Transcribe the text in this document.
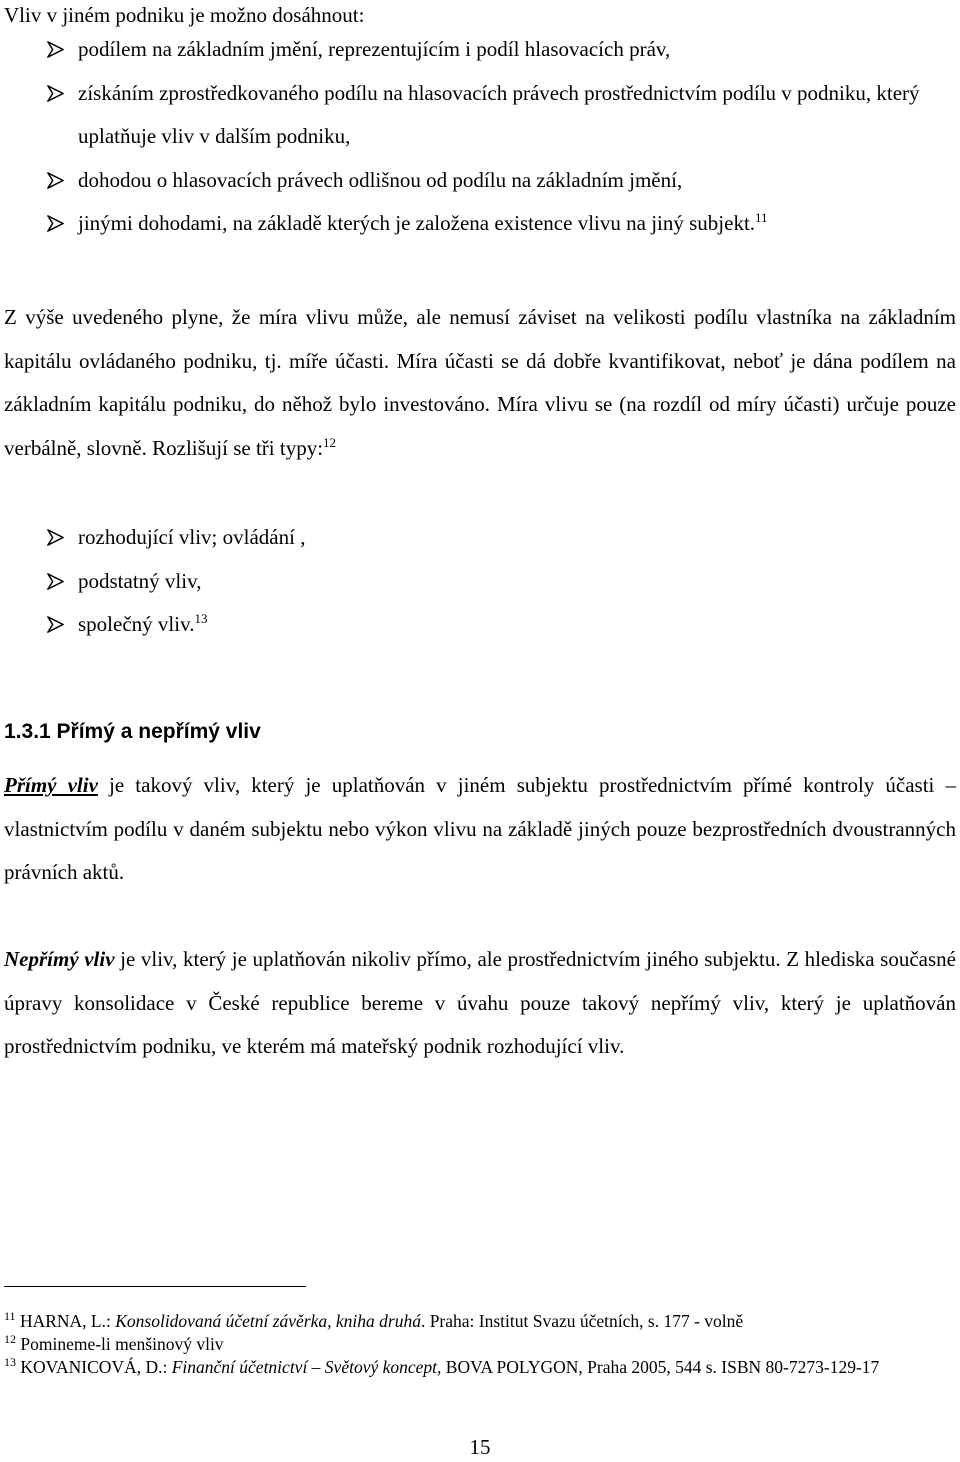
Vliv v jiném podniku je možno dosáhnout:
podílem na základním jmění, reprezentujícím i podíl hlasovacích práv,
získáním zprostředkovaného podílu na hlasovacích právech prostřednictvím podílu v podniku, který uplatňuje vliv v dalším podniku,
dohodou o hlasovacích právech odlišnou od podílu na základním jmění,
jinými dohodami, na základě kterých je založena existence vlivu na jiný subjekt.$^{11}$

Z výše uvedeného plyne, že míra vlivu může, ale nemusí záviset na velikosti podílu vlastníka na základním kapitálu ovládaného podniku, tj. míře účasti. Míra účasti se dá dobře kvantifikovat, neboť je dána podílem na základním kapitálu podniku, do něhož bylo investováno. Míra vlivu se (na rozdíl od míry účasti) určuje pouze verbálně, slovně. Rozlišují se tři typy:$^{12}$

rozhodující vliv; ovládání ,
podstatný vliv,
společný vliv.$^{13}$
1.3.1 Přímý a nepřímý vliv

Přímý vliv je takový vliv, který je uplatňován v jiném subjektu prostřednictvím přímé kontroly účasti – vlastnictvím podílu v daném subjektu nebo výkon vlivu na základě jiných pouze bezprostředních dvoustranných právních aktů.

Nepřímý vliv je vliv, který je uplatňován nikoliv přímo, ale prostřednictvím jiného subjektu. Z hlediska současné úpravy konsolidace v České republice bereme v úvahu pouze takový nepřímý vliv, který je uplatňován prostřednictvím podniku, ve kterém má mateřský podnik rozhodující vliv.

$^{11}$ HARNA, L.: Konsolidovaná účetní závěrka, kniha druhá. Praha: Institut Svazu účetních, s. 177 - volně

$^{12}$ Pomineme-li menšinový vliv

$^{13}$ KOVANICOVÁ, D.: Finanční účetnictví – Světový koncept, BOVA POLYGON, Praha 2005, 544 s. ISBN 80-7273-129-17

15
